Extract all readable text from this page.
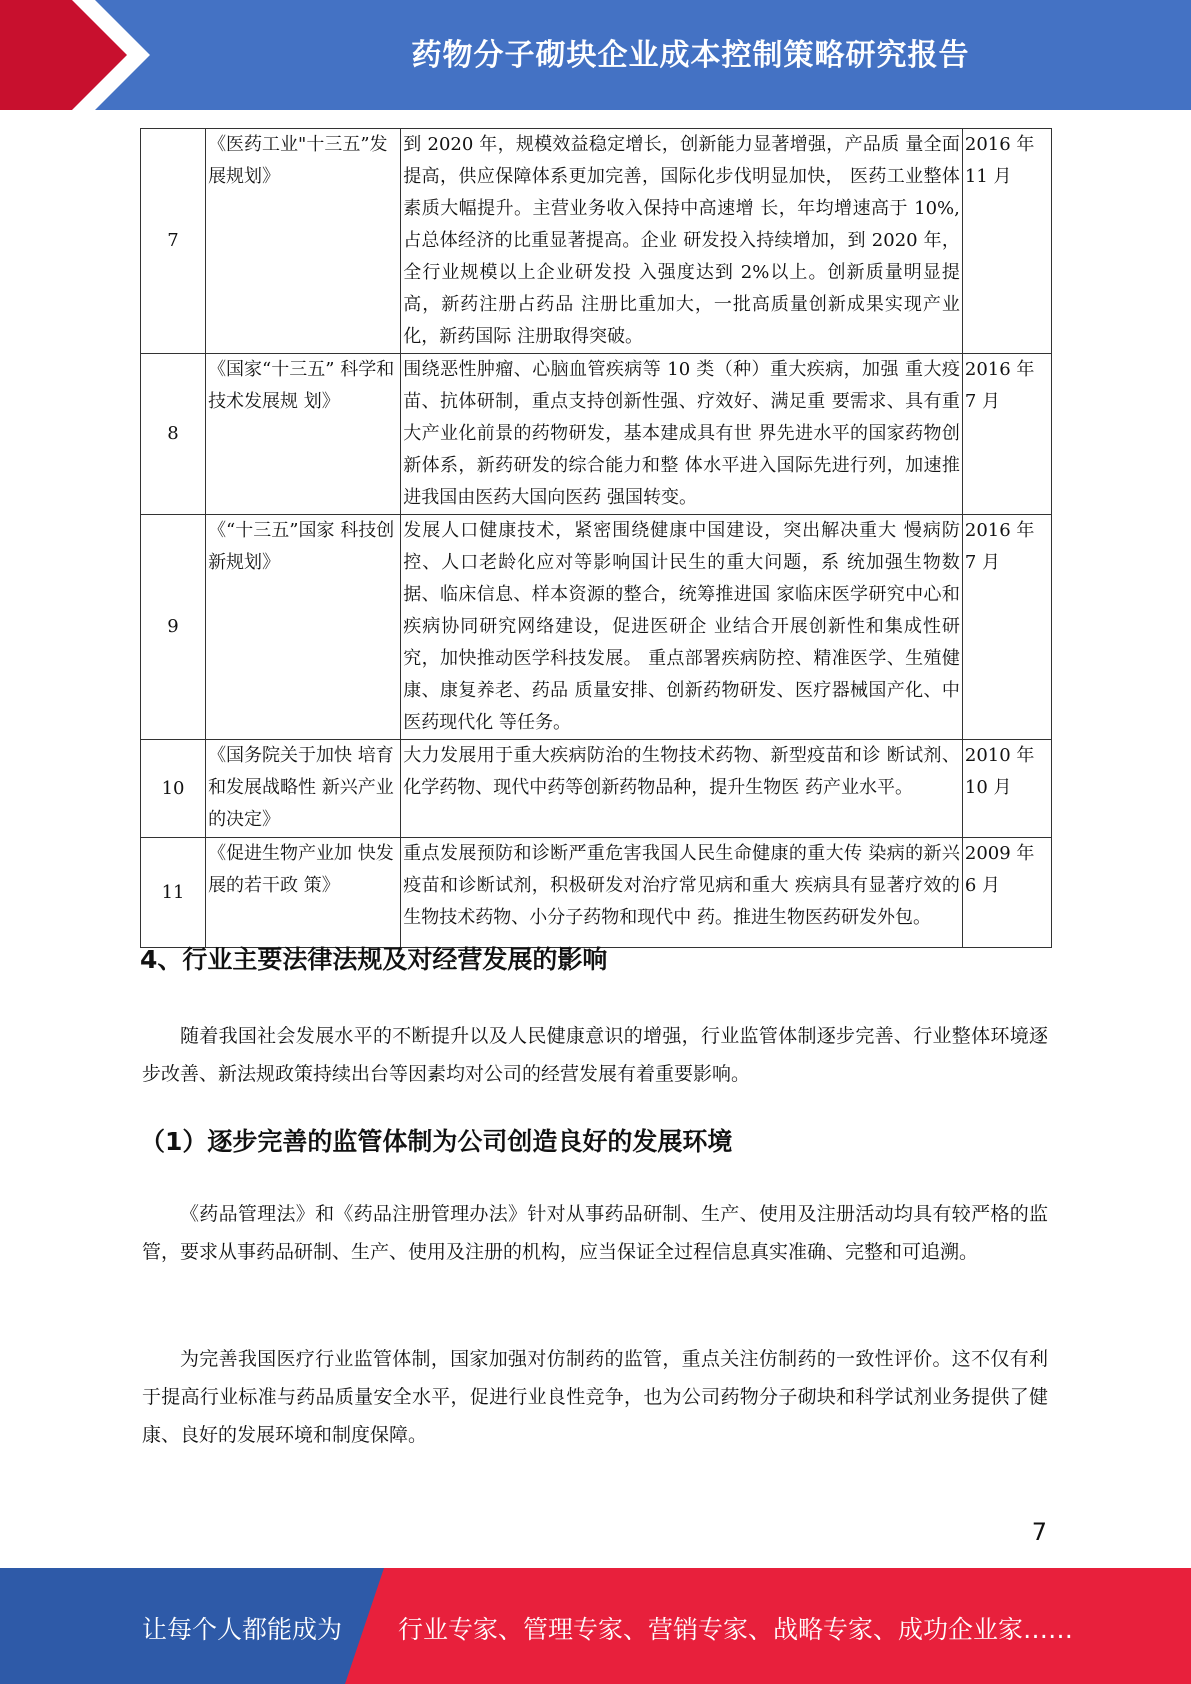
药物分子砌块企业成本控制策略研究报告
7	《医药工业"十三五”发展规划》	到 2020 年，规模效益稳定增长，创新能力显著增强，产品质 量全面提高，供应保障体系更加完善，国际化步伐明显加快， 医药工业整体素质大幅提升。主营业务收入保持中高速增 长，年均增速高于 10%, 占总体经济的比重显著提高。企业 研发投入持续增加，到 2020 年，全行业规模以上企业研发投 入强度达到 2%以上。创新质量明显提高，新药注册占药品 注册比重加大，一批高质量创新成果实现产业化，新药国际 注册取得突破。	2016 年 11 月
8	《国家“十三五” 科学和技术发展规 划》	围绕恶性肿瘤、心脑血管疾病等 10 类（种）重大疾病，加强 重大疫苗、抗体研制，重点支持创新性强、疗效好、满足重 要需求、具有重大产业化前景的药物研发，基本建成具有世 界先进水平的国家药物创新体系，新药研发的综合能力和整 体水平进入国际先进行列，加速推进我国由医药大国向医药 强国转变。	2016 年 7 月
9	《“十三五”国家 科技创新规划》	发展人口健康技术，紧密围绕健康中国建设，突出解决重大 慢病防控、人口老龄化应对等影响国计民生的重大问题，系 统加强生物数据、临床信息、样本资源的整合，统筹推进国 家临床医学研究中心和疾病协同研究网络建设，促进医研企 业结合开展创新性和集成性研究，加快推动医学科技发展。 重点部署疾病防控、精准医学、生殖健康、康复养老、药品 质量安排、创新药物研发、医疗器械国产化、中医药现代化 等任务。	2016 年 7 月
10	《国务院关于加快 培育和发展战略性 新兴产业的决定》	大力发展用于重大疾病防治的生物技术药物、新型疫苗和诊 断试剂、化学药物、现代中药等创新药物品种，提升生物医 药产业水平。	2010 年 10 月
11	《促进生物产业加 快发展的若干政 策》	重点发展预防和诊断严重危害我国人民生命健康的重大传 染病的新兴疫苗和诊断试剂，积极研发对治疗常见病和重大 疾病具有显著疗效的生物技术药物、小分子药物和现代中 药。推进生物医药研发外包。	2009 年 6 月
4、行业主要法律法规及对经营发展的影响

随着我国社会发展水平的不断提升以及人民健康意识的增强，行业监管体制逐步完善、行业整体环境逐步改善、新法规政策持续出台等因素均对公司的经营发展有着重要影响。

（1）逐步完善的监管体制为公司创造良好的发展环境

《药品管理法》和《药品注册管理办法》针对从事药品研制、生产、使用及注册活动均具有较严格的监管，要求从事药品研制、生产、使用及注册的机构，应当保证全过程信息真实准确、完整和可追溯。

为完善我国医疗行业监管体制，国家加强对仿制药的监管，重点关注仿制药的一致性评价。这不仅有利于提高行业标准与药品质量安全水平，促进行业良性竞争，也为公司药物分子砌块和科学试剂业务提供了健康、良好的发展环境和制度保障。

7
让每个人都能成为 行业专家、管理专家、营销专家、战略专家、成功企业家……
